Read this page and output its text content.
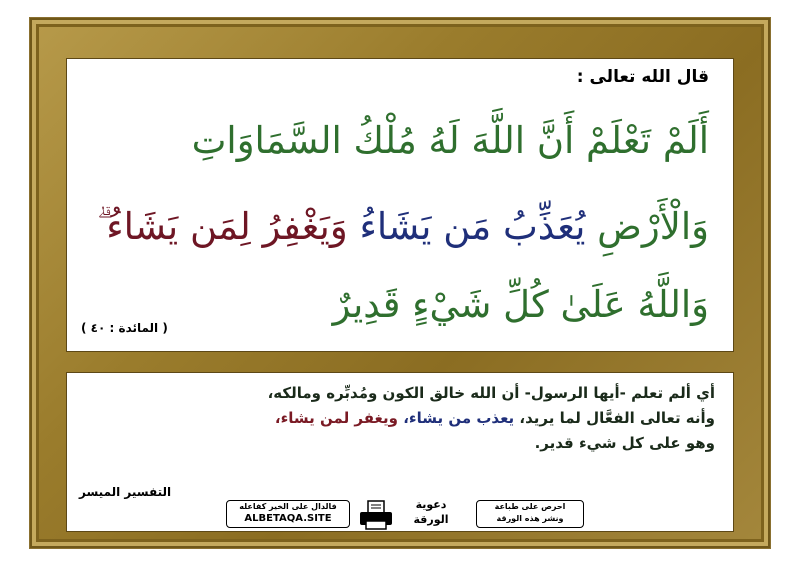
قال الله تعالى :
أَلَمْ تَعْلَمْ أَنَّ اللَّهَ لَهُ مُلْكُ السَّمَاوَاتِ
وَالْأَرْضِ يُعَذِّبُ مَن يَشَاءُ وَيَغْفِرُ لِمَن يَشَاءُ ۗ
وَاللَّهُ عَلَىٰ كُلِّ شَيْءٍ قَدِيرٌ
( المائدة : ٤٠ )
أي ألم تعلم -أيها الرسول- أن الله خالق الكون ومُدبِّره ومالكه،
وأنه تعالى الفعَّال لما يريد، يعذب من يشاء، ويغفر لمن يشاء،
وهو على كل شيء قدير.
التفسير الميسر
فالدال على الخير كفاعله
ALBETAQA.SITE
دعوية
الورقة
احرص على طباعة
ونشر هذه الورقة
